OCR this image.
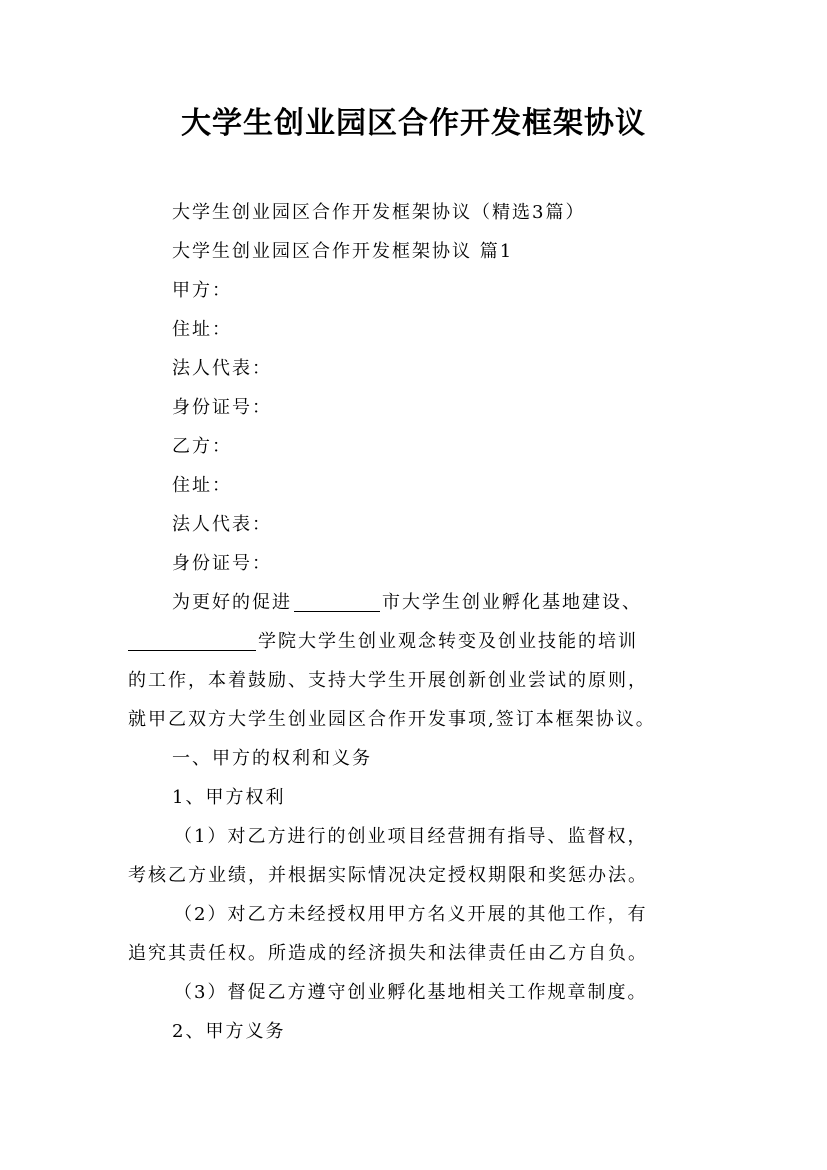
大学生创业园区合作开发框架协议
大学生创业园区合作开发框架协议（精选3篇）
大学生创业园区合作开发框架协议 篇1
甲方：
住址：
法人代表：
身份证号：
乙方：
住址：
法人代表：
身份证号：
为更好的促进	市大学生创业孵化基地建设、
学院大学生创业观念转变及创业技能的培训
的工作，本着鼓励、支持大学生开展创新创业尝试的原则，
就甲乙双方大学生创业园区合作开发事项,签订本框架协议。
一、甲方的权利和义务
1、甲方权利
（1）对乙方进行的创业项目经营拥有指导、监督权，
考核乙方业绩，并根据实际情况决定授权期限和奖惩办法。
（2）对乙方未经授权用甲方名义开展的其他工作，有
追究其责任权。所造成的经济损失和法律责任由乙方自负。
（3）督促乙方遵守创业孵化基地相关工作规章制度。
2、甲方义务
